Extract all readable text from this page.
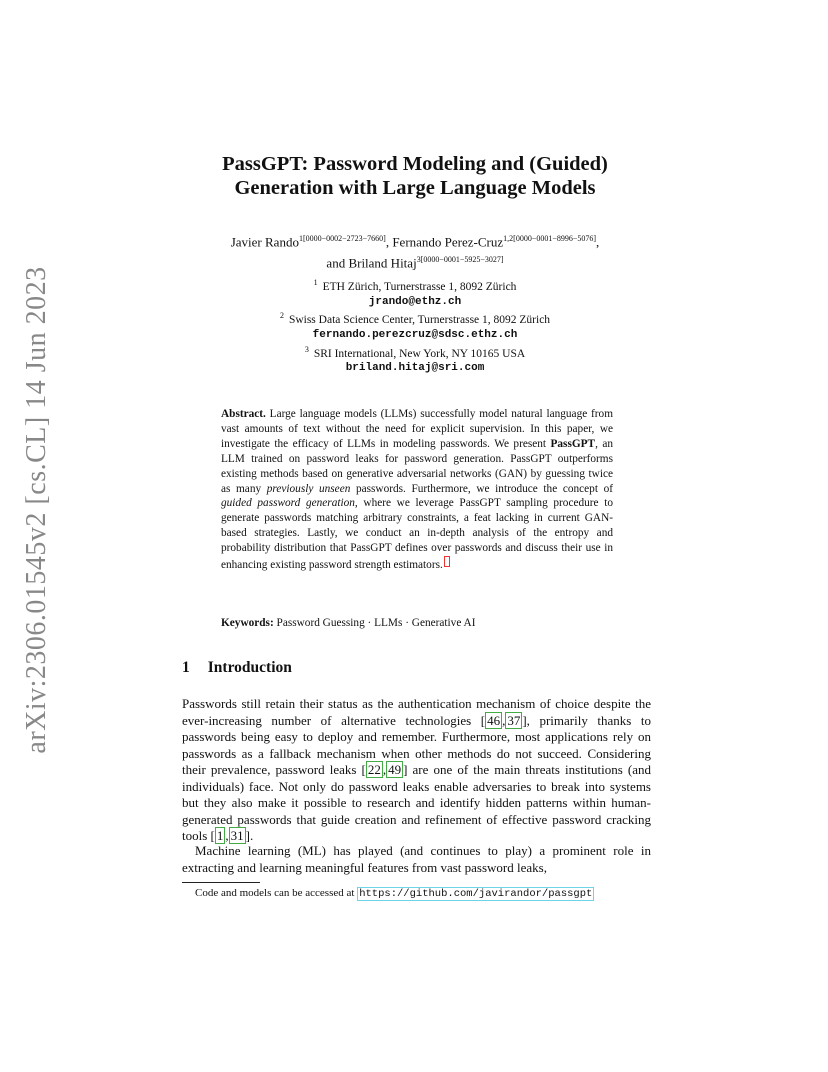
arXiv:2306.01545v2 [cs.CL] 14 Jun 2023
PassGPT: Password Modeling and (Guided)
Generation with Large Language Models
Javier Rando$^{1[0000-0002-2723-7660]}$, Fernando Perez-Cruz$^{1,2[0000-0001-8996-5076]}$,
and Briland Hitaj$^{3[0000-0001-5925-3027]}$
$^1$ ETH Zürich, Turnerstrasse 1, 8092 Zürich
jrando@ethz.ch
$^2$ Swiss Data Science Center, Turnerstrasse 1, 8092 Zürich
fernando.perezcruz@sdsc.ethz.ch
$^3$ SRI International, New York, NY 10165 USA
briland.hitaj@sri.com
Abstract. Large language models (LLMs) successfully model natural language from vast amounts of text without the need for explicit supervision. In this paper, we investigate the efficacy of LLMs in modeling passwords. We present PassGPT, an LLM trained on password leaks for password generation. PassGPT outperforms existing methods based on generative adversarial networks (GAN) by guessing twice as many previously unseen passwords. Furthermore, we introduce the concept of guided password generation, where we leverage PassGPT sampling procedure to generate passwords matching arbitrary constraints, a feat lacking in current GAN-based strategies. Lastly, we conduct an in-depth analysis of the entropy and probability distribution that PassGPT defines over passwords and discuss their use in enhancing existing password strength estimators.
Keywords: Password Guessing · LLMs · Generative AI
1 Introduction
Passwords still retain their status as the authentication mechanism of choice despite the ever-increasing number of alternative technologies [ 46 , 37 ], primarily thanks to passwords being easy to deploy and remember. Furthermore, most applications rely on passwords as a fallback mechanism when other methods do not succeed. Considering their prevalence, password leaks [ 22 , 49 ] are one of the main threats institutions (and individuals) face. Not only do password leaks enable adversaries to break into systems but they also make it possible to research and identify hidden patterns within human-generated passwords that guide creation and refinement of effective password cracking tools [ 1 , 31 ].
Machine learning (ML) has played (and continues to play) a prominent role in extracting and learning meaningful features from vast password leaks,
Code and models can be accessed at https://github.com/javirandor/passgpt
